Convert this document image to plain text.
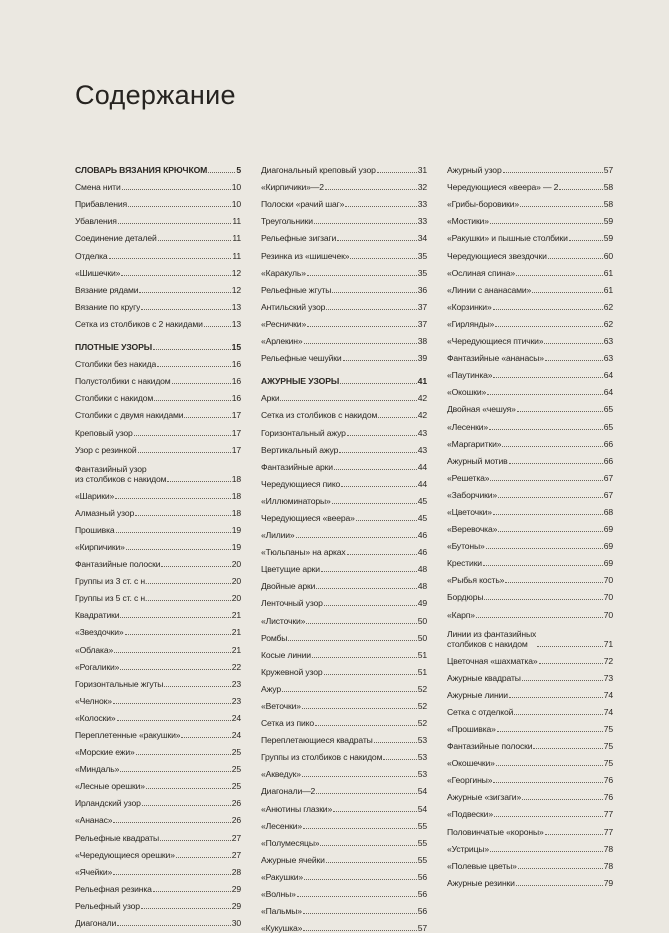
Содержание
СЛОВАРЬ ВЯЗАНИЯ КРЮЧКОМ	5
Смена нити	10
Прибавления	10
Убавления	11
Соединение деталей	11
Отделка	11
«Шишечки»	12
Вязание рядами	12
Вязание по кругу	13
Сетка из столбиков с 2 накидами	13
ПЛОТНЫЕ УЗОРЫ	15
Столбики без накида	16
Полустолбики с накидом	16
Столбики с накидом	16
Столбики с двумя накидами	17
Креповый узор	17
Узор с резинкой	17
Фантазийный узор
из столбиков с накидом	18
«Шарики»	18
Алмазный узор	18
Прошивка	19
«Кирпичики»	19
Фантазийные полоски	20
Группы из 3 ст. с н.	20
Группы из 5 ст. с н.	20
Квадратики	21
«Звездочки»	21
«Облака»	21
«Рогалики»	22
Горизонтальные жгуты	23
«Челнок»	23
«Колоски»	24
Переплетенные «ракушки»	24
«Морские ежи»	25
«Миндаль»	25
«Лесные орешки»	25
Ирландский узор	26
«Ананас»	26
Рельефные квадраты	27
«Чередующиеся орешки»	27
«Ячейки»	28
Рельефная резинка	29
Рельефный узор	29
Диагонали	30
Диагональный креповый узор	31
«Кирпичики»—2	32
Полоски «рачий шаг»	33
Треугольники	33
Рельефные зигзаги	34
Резинка из «шишечек»	35
«Каракуль»	35
Рельефные жгуты	36
Антильский узор	37
«Реснички»	37
«Арлекин»	38
Рельефные чешуйки	39
АЖУРНЫЕ УЗОРЫ	41
Арки	42
Сетка из столбиков с накидом	42
Горизонтальный ажур	43
Вертикальный ажур	43
Фантазийные арки	44
Чередующиеся пико	44
«Иллюминаторы»	45
Чередующиеся «веера»	45
«Лилии»	46
«Тюльпаны» на арках	46
Цветущие арки	48
Двойные арки	48
Ленточный узор	49
«Листочки»	50
Ромбы	50
Косые линии	51
Кружевной узор	51
Ажур	52
«Веточки»	52
Сетка из пико	52
Переплетающиеся квадраты	53
Группы из столбиков с накидом	53
«Акведук»	53
Диагонали—2	54
«Анютины глазки»	54
«Лесенки»	55
«Полумесяцы»	55
Ажурные ячейки	55
«Ракушки»	56
«Волны»	56
«Пальмы»	56
«Кукушка»	57
Ажурный узор	57
Чередующиеся «веера» — 2	58
«Грибы-боровики»	58
«Мостики»	59
«Ракушки» и пышные столбики	59
Чередующиеся звездочки	60
«Ослиная спина»	61
«Линии с ананасами»	61
«Корзинки»	62
«Гирлянды»	62
«Чередующиеся птички»	63
Фантазийные «ананасы»	63
«Паутинка»	64
«Окошки»	64
Двойная «чешуя»	65
«Лесенки»	65
«Маргаритки»	66
Ажурный мотив	66
«Решетка»	67
«Заборчики»	67
«Цветочки»	68
«Веревочка»	69
«Бутоны»	69
Крестики	69
«Рыбья кость»	70
Бордюры	70
«Карп»	70
Линии из фантазийных
столбиков с накидом	71
Цветочная «шахматка»	72
Ажурные квадраты	73
Ажурные линии	74
Сетка с отделкой	74
«Прошивка»	75
Фантазийные полоски	75
«Окошечки»	75
«Георгины»	76
Ажурные «зигзаги»	76
«Подвески»	77
Половинчатые «короны»	77
«Устрицы»	78
«Полевые цветы»	78
Ажурные резинки	79
